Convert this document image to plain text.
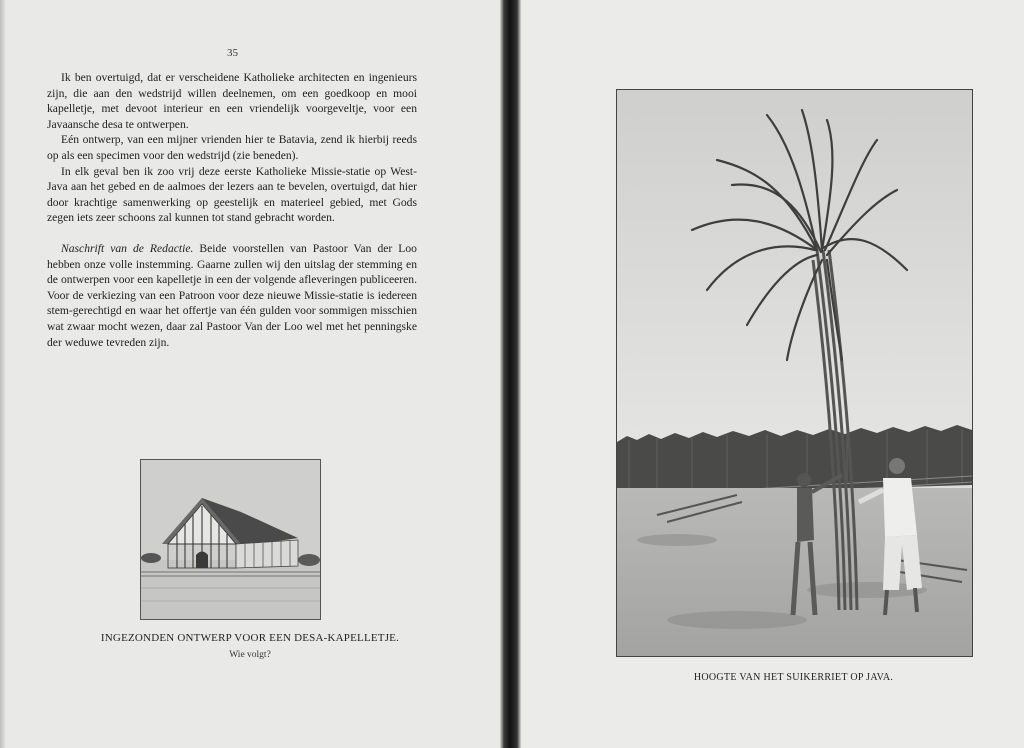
35

Ik ben overtuigd, dat er verscheidene Katholieke architecten en ingenieurs zijn, die aan den wedstrijd willen deelnemen, om een goedkoop en mooi kapelletje, met devoot interieur en een vriendelijk voorgeveltje, voor een Javaansche desa te ontwerpen.

Eén ontwerp, van een mijner vrienden hier te Batavia, zend ik hierbij reeds op als een specimen voor den wedstrijd (zie beneden).

In elk geval ben ik zoo vrij deze eerste Katholieke Missie-statie op West-Java aan het gebed en de aalmoes der lezers aan te bevelen, overtuigd, dat hier door krachtige samenwerking op geestelijk en materieel gebied, met Gods zegen iets zeer schoons zal kunnen tot stand gebracht worden.

Naschrift van de Redactie. Beide voorstellen van Pastoor Van der Loo hebben onze volle instemming. Gaarne zullen wij den uitslag der stemming en de ontwerpen voor een kapelletje in een der volgende afleveringen publiceeren. Voor de verkiezing van een Patroon voor deze nieuwe Missie-statie is iedereen stem-gerechtigd en waar het offertje van één gulden voor sommigen misschien wat zwaar mocht wezen, daar zal Pastoor Van der Loo wel met het penningske der weduwe tevreden zijn.

INGEZONDEN ONTWERP VOOR EEN DESA-KAPELLETJE.
Wie volgt?
HOOGTE VAN HET SUIKERRIET OP JAVA.
